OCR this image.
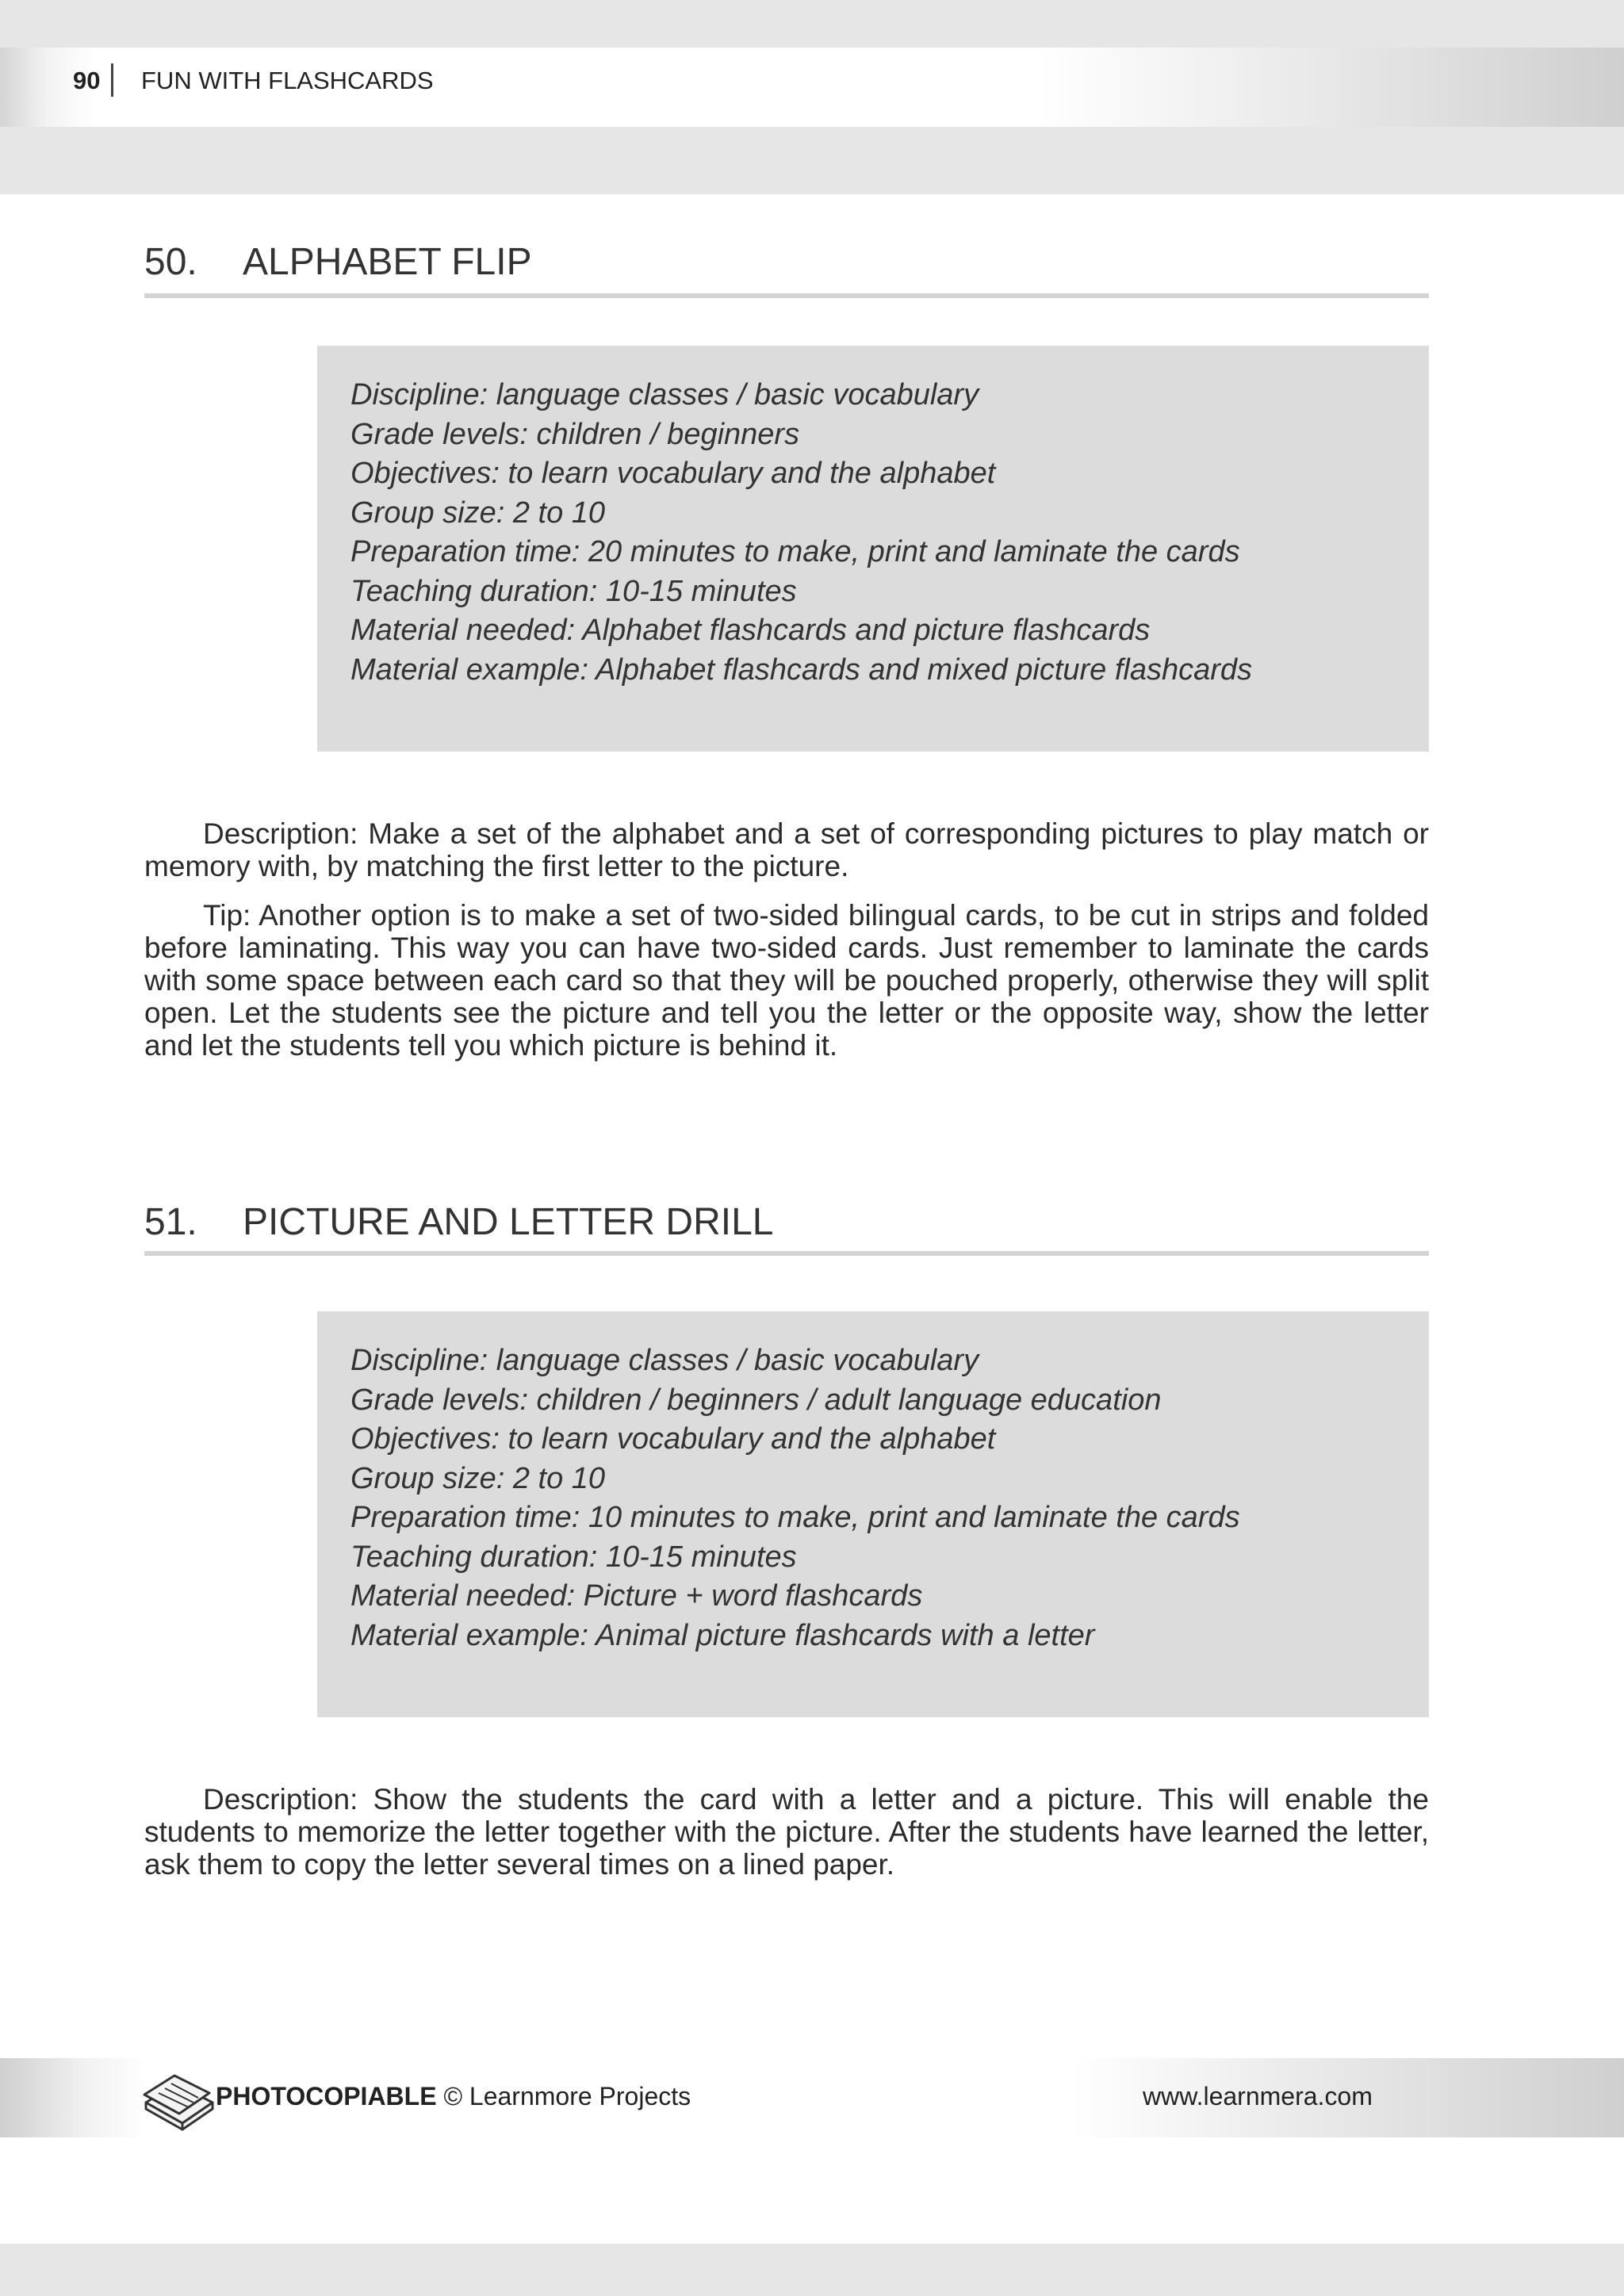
90 FUN WITH FLASHCARDS
50. ALPHABET FLIP
Discipline: language classes / basic vocabulary
Grade levels: children / beginners
Objectives: to learn vocabulary and the alphabet
Group size: 2 to 10
Preparation time: 20 minutes to make, print and laminate the cards
Teaching duration: 10-15 minutes
Material needed: Alphabet flashcards and picture flashcards
Material example: Alphabet flashcards and mixed picture flashcards

Description: Make a set of the alphabet and a set of corresponding pictures to play match or memory with, by matching the first letter to the picture.

Tip: Another option is to make a set of two-sided bilingual cards, to be cut in strips and folded before laminating. This way you can have two-sided cards. Just remember to laminate the cards with some space between each card so that they will be pouched properly, otherwise they will split open. Let the students see the picture and tell you the letter or the opposite way, show the letter and let the students tell you which picture is behind it.

51. PICTURE AND LETTER DRILL
Discipline: language classes / basic vocabulary
Grade levels: children / beginners / adult language education
Objectives: to learn vocabulary and the alphabet
Group size: 2 to 10
Preparation time: 10 minutes to make, print and laminate the cards
Teaching duration: 10-15 minutes
Material needed: Picture + word flashcards
Material example: Animal picture flashcards with a letter

Description: Show the students the card with a letter and a picture. This will enable the students to memorize the letter together with the picture. After the students have learned the letter, ask them to copy the letter several times on a lined paper.

PHOTOCOPIABLE © Learnmore Projects	www.learnmera.com
